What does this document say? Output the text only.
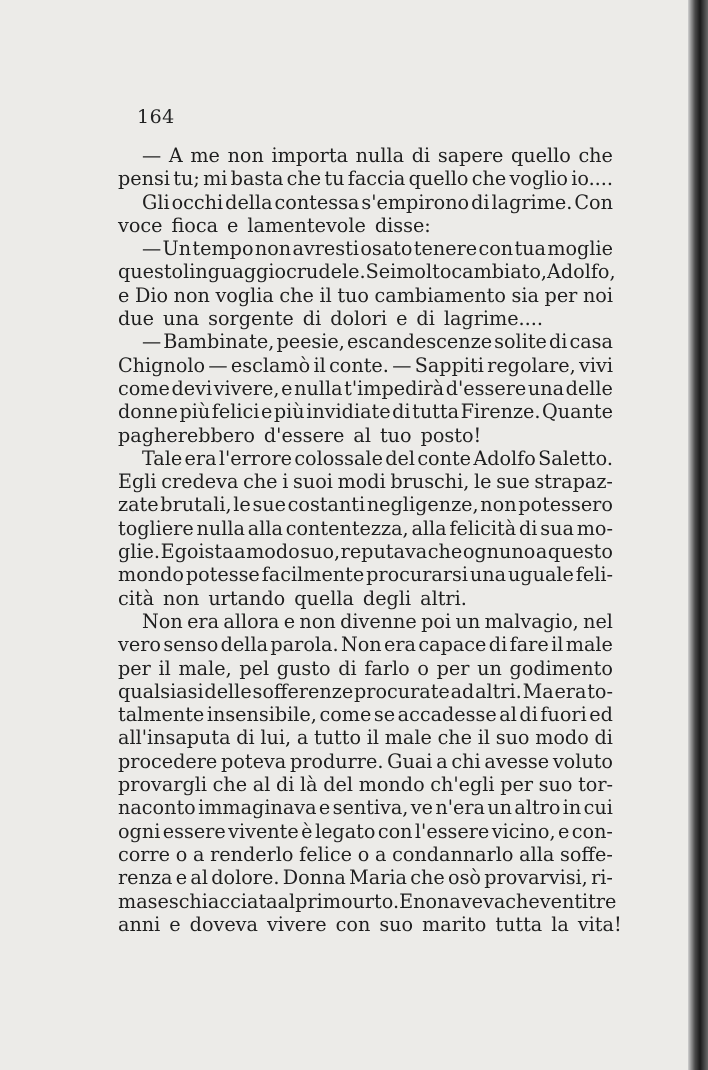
164
— A me non importa nulla di sapere quello che
pensi tu; mi basta che tu faccia quello che voglio io....
Gli occhi della contessa s'empirono di lagrime. Con
voce fioca e lamentevole disse:
— Un tempo non avresti osato tenere con tua moglie
questo linguaggio crudele. Sei molto cambiato, Adolfo,
e Dio non voglia che il tuo cambiamento sia per noi
due una sorgente di dolori e di lagrime....
— Bambinate, peesie, escandescenze solite di casa
Chignolo — esclamò il conte. — Sappiti regolare, vivi
come devi vivere, e nulla t'impedirà d'essere una delle
donne più felici e più invidiate di tutta Firenze. Quante
pagherebbero d'essere al tuo posto!
Tale era l'errore colossale del conte Adolfo Saletto.
Egli credeva che i suoi modi bruschi, le sue strapaz-
zate brutali, le sue costanti negligenze, non potessero
togliere nulla alla contentezza, alla felicità di sua mo-
glie. Egoista a modo suo, reputava che ognuno a questo
mondo potesse facilmente procurarsi una uguale feli-
cità non urtando quella degli altri.
Non era allora e non divenne poi un malvagio, nel
vero senso della parola. Non era capace di fare il male
per il male, pel gusto di farlo o per un godimento
qualsiasi delle sofferenze procurate ad altri. Ma era to-
talmente insensibile, come se accadesse al di fuori ed
all'insaputa di lui, a tutto il male che il suo modo di
procedere poteva produrre. Guai a chi avesse voluto
provargli che al di là del mondo ch'egli per suo tor-
naconto immaginava e sentiva, ve n'era un altro in cui
ogni essere vivente è legato con l'essere vicino, e con-
corre o a renderlo felice o a condannarlo alla soffe-
renza e al dolore. Donna Maria che osò provarvisi, ri-
mase schiacciata al primo urto. E non aveva che ventitre
anni e doveva vivere con suo marito tutta la vita!
